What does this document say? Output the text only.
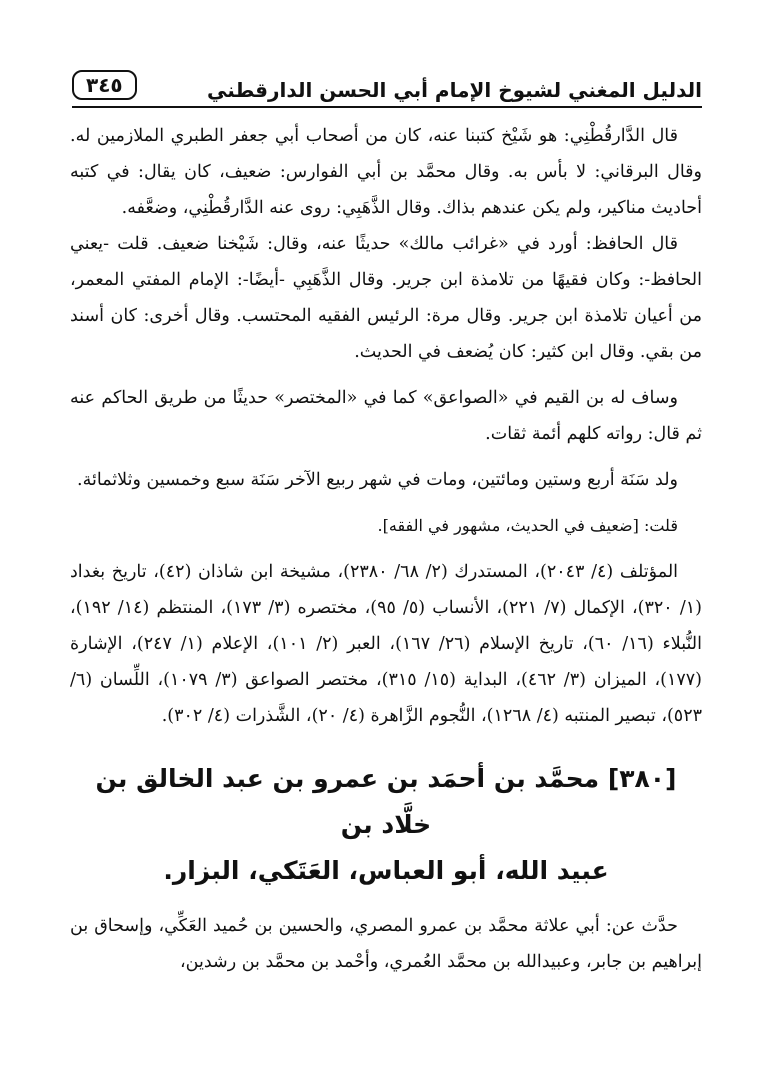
الدليل المغني لشيوخ الإمام أبي الحسن الدارقطني
٣٤٥

قال الدَّارقُطْنِي: هو شَيْخ كتبنا عنه، كان من أصحاب أبي جعفر الطبري الملازمين له. وقال البرقاني: لا بأس به. وقال محمَّد بن أبي الفوارس: ضعيف، كان يقال: في كتبه أحاديث مناكير، ولم يكن عندهم بذاك. وقال الذَّهَبِي: روى عنه الدَّارقُطْنِي، وضعَّفه.

قال الحافظ: أورد في «غرائب مالك» حديثًا عنه، وقال: شَيْخنا ضعيف. قلت -يعني الحافظ-: وكان فقيهًا من تلامذة ابن جرير. وقال الذَّهَبِي -أيضًا-: الإمام المفتي المعمر، من أعيان تلامذة ابن جرير. وقال مرة: الرئيس الفقيه المحتسب. وقال أخرى: كان أسند من بقي. وقال ابن كثير: كان يُضعف في الحديث.

وساف له بن القيم في «الصواعق» كما في «المختصر» حديثًا من طريق الحاكم عنه ثم قال: رواته كلهم أئمة ثقات.

ولد سَنَة أربع وستين ومائتين، ومات في شهر ربيع الآخر سَنَة سبع وخمسين وثلاثمائة.

قلت: [ضعيف في الحديث، مشهور في الفقه].

المؤتلف (٤/ ٢٠٤٣)، المستدرك (٢/ ٦٨/ ٢٣٨٠)، مشيخة ابن شاذان (٤٢)، تاريخ بغداد (١/ ٣٢٠)، الإكمال (٧/ ٢٢١)، الأنساب (٥/ ٩٥)، مختصره (٣/ ١٧٣)، المنتظم (١٤/ ١٩٢)، النُّبلاء (١٦/ ٦٠)، تاريخ الإسلام (٢٦/ ١٦٧)، العبر (٢/ ١٠١)، الإعلام (١/ ٢٤٧)، الإشارة (١٧٧)، الميزان (٣/ ٤٦٢)، البداية (١٥/ ٣١٥)، مختصر الصواعق (٣/ ١٠٧٩)، اللِّسان (٦/ ٥٢٣)، تبصير المنتبه (٤/ ١٢٦٨)، النُّجوم الزَّاهرة (٤/ ٢٠)، الشَّذرات (٤/ ٣٠٢).

[٣٨٠] محمَّد بن أحمَد بن عمرو بن عبد الخالق بن خلَّاد بن
عبيد الله، أبو العباس، العَتَكي، البزار.

حدَّث عن: أبي علاثة محمَّد بن عمرو المصري، والحسين بن حُميد العَكِّي، وإسحاق بن إبراهيم بن جابر، وعبيدالله بن محمَّد العُمري، وأحْمد بن محمَّد بن رشدين،
